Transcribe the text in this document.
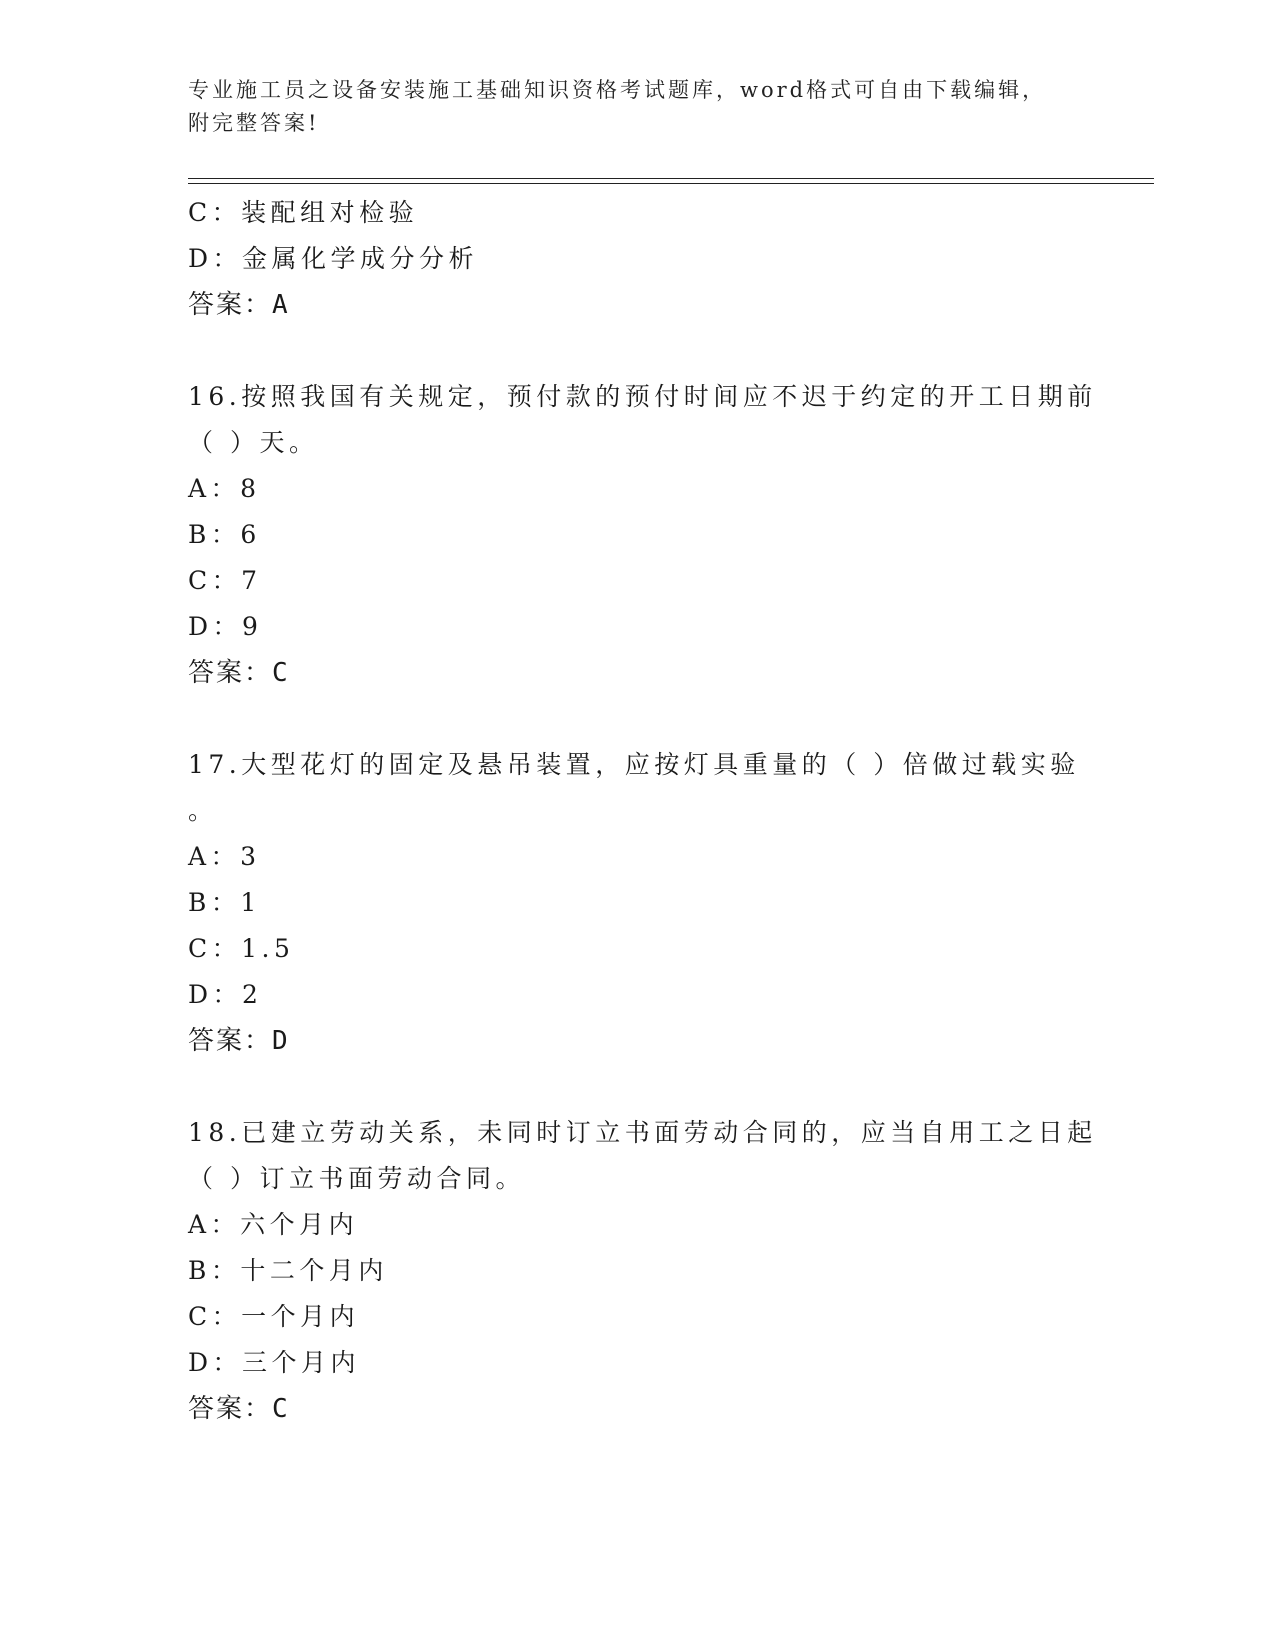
专业施工员之设备安装施工基础知识资格考试题库，word格式可自由下载编辑，
附完整答案!
C：装配组对检验
D：金属化学成分分析
答案：A
16.按照我国有关规定，预付款的预付时间应不迟于约定的开工日期前
（ ）天。
A：8
B：6
C：7
D：9
答案：C
17.大型花灯的固定及悬吊装置，应按灯具重量的（ ）倍做过载实验
。
A：3
B：1
C：1.5
D：2
答案：D
18.已建立劳动关系，未同时订立书面劳动合同的，应当自用工之日起
（ ）订立书面劳动合同。
A：六个月内
B：十二个月内
C：一个月内
D：三个月内
答案：C
